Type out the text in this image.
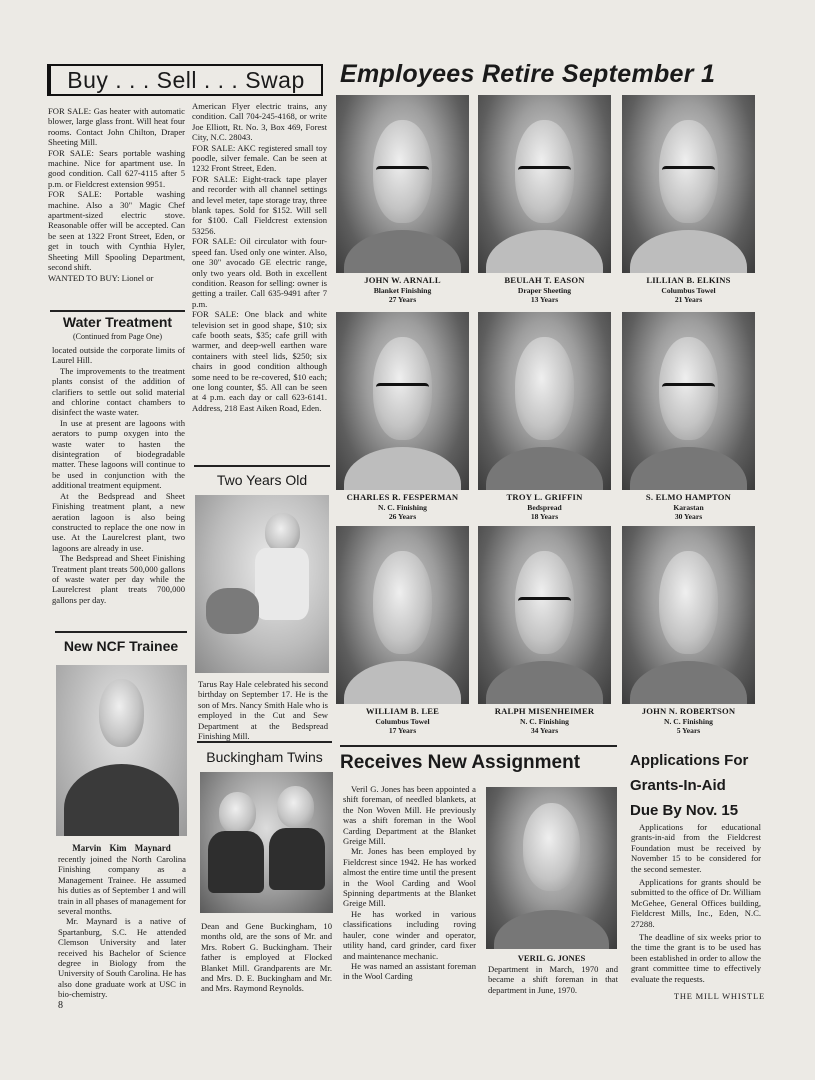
Buy . . . Sell . . . Swap

FOR SALE: Gas heater with automatic blower, large glass front. Will heat four rooms. Contact John Chilton, Draper Sheeting Mill.

FOR SALE: Sears portable washing machine. Nice for apartment use. In good condition. Call 627-4115 after 5 p.m. or Fieldcrest extension 9951.

FOR SALE: Portable washing machine. Also a 30" Magic Chef apartment-sized electric stove. Reasonable offer will be accepted. Can be seen at 1322 Front Street, Eden, or get in touch with Cynthia Hyler, Sheeting Mill Spooling Department, second shift.

WANTED TO BUY: Lionel or

American Flyer electric trains, any condition. Call 704-245-4168, or write Joe Elliott, Rt. No. 3, Box 469, Forest City, N.C. 28043.

FOR SALE: AKC registered small toy poodle, silver female. Can be seen at 1232 Front Street, Eden.

FOR SALE: Eight-track tape player and recorder with all channel settings and level meter, tape storage tray, three blank tapes. Sold for $152. Will sell for $100. Call Fieldcrest extension 53256.

FOR SALE: Oil circulator with four-speed fan. Used only one winter. Also, one 30" avocado GE electric range, only two years old. Both in excellent condition. Reason for selling: owner is getting a trailer. Call 635-9491 after 7 p.m.

FOR SALE: One black and white television set in good shape, $10; six cafe booth seats, $35; cafe grill with warmer, and deep-well earthen ware containers with steel lids, $250; six chairs in good condition although some need to be re-covered, $10 each; one long counter, $5. All can be seen at 4 p.m. each day or call 623-6141. Address, 218 East Aiken Road, Eden.

Water Treatment
(Continued from Page One)

located outside the corporate limits of Laurel Hill.

The improvements to the treatment plants consist of the addition of clarifiers to settle out solid material and chlorine contact chambers to disinfect the waste water.

In use at present are lagoons with aerators to pump oxygen into the waste water to hasten the disintegration of biodegradable matter. These lagoons will continue to be used in conjunction with the additional treatment equipment.

At the Bedspread and Sheet Finishing treatment plant, a new aeration lagoon is also being constructed to replace the one now in use. At the Laurelcrest plant, two lagoons are already in use.

The Bedspread and Sheet Finishing Treatment plant treats 500,000 gallons of waste water per day while the Laurelcrest plant treats 700,000 gallons per day.

Two Years Old
Tarus Ray Hale celebrated his second birthday on September 17. He is the son of Mrs. Nancy Smith Hale who is employed in the Cut and Sew Department at the Bedspread Finishing Mill.
New NCF Trainee
Marvin Kim Maynard

recently joined the North Carolina Finishing company as a Management Trainee. He assumed his duties as of September 1 and will train in all phases of management for several months.

Mr. Maynard is a native of Spartanburg, S.C. He attended Clemson University and later received his Bachelor of Science degree in Biology from the University of South Carolina. He has also done graduate work at USC in bio-chemistry.

8
Buckingham Twins
Dean and Gene Buckingham, 10 months old, are the sons of Mr. and Mrs. Robert G. Buckingham. Their father is employed at Flocked Blanket Mill. Grandparents are Mr. and Mrs. D. E. Buckingham and Mr. and Mrs. Raymond Reynolds.
Employees Retire September 1
JOHN W. ARNALL
Blanket Finishing
27 Years
BEULAH T. EASON
Draper Sheeting
13 Years
LILLIAN B. ELKINS
Columbus Towel
21 Years
CHARLES R. FESPERMAN
N. C. Finishing
26 Years
TROY L. GRIFFIN
Bedspread
18 Years
S. ELMO HAMPTON
Karastan
30 Years
WILLIAM B. LEE
Columbus Towel
17 Years
RALPH MISENHEIMER
N. C. Finishing
34 Years
JOHN N. ROBERTSON
N. C. Finishing
5 Years
Receives New Assignment

Veril G. Jones has been appointed a shift foreman, of needled blankets, at the Non Woven Mill. He previously was a shift foreman in the Wool Carding Department at the Blanket Greige Mill.

Mr. Jones has been employed by Fieldcrest since 1942. He has worked almost the entire time until the present in the Wool Carding and Wool Spinning departments at the Blanket Greige Mill.

He has worked in various classifications including roving hauler, cone winder and operator, utility hand, card grinder, card fixer and maintenance mechanic.

He was named an assistant foreman in the Wool Carding

VERIL G. JONES
Department in March, 1970 and became a shift foreman in that department in June, 1970.
Applications For
Grants-In-Aid
Due By Nov. 15

Applications for educational grants-in-aid from the Fieldcrest Foundation must be received by November 15 to be considered for the second semester.

Applications for grants should be submitted to the office of Dr. William McGehee, General Offices building, Fieldcrest Mills, Inc., Eden, N.C. 27288.

The deadline of six weeks prior to the time the grant is to be used has been established in order to allow the grant committee time to effectively evaluate the requests.

THE MILL WHISTLE
